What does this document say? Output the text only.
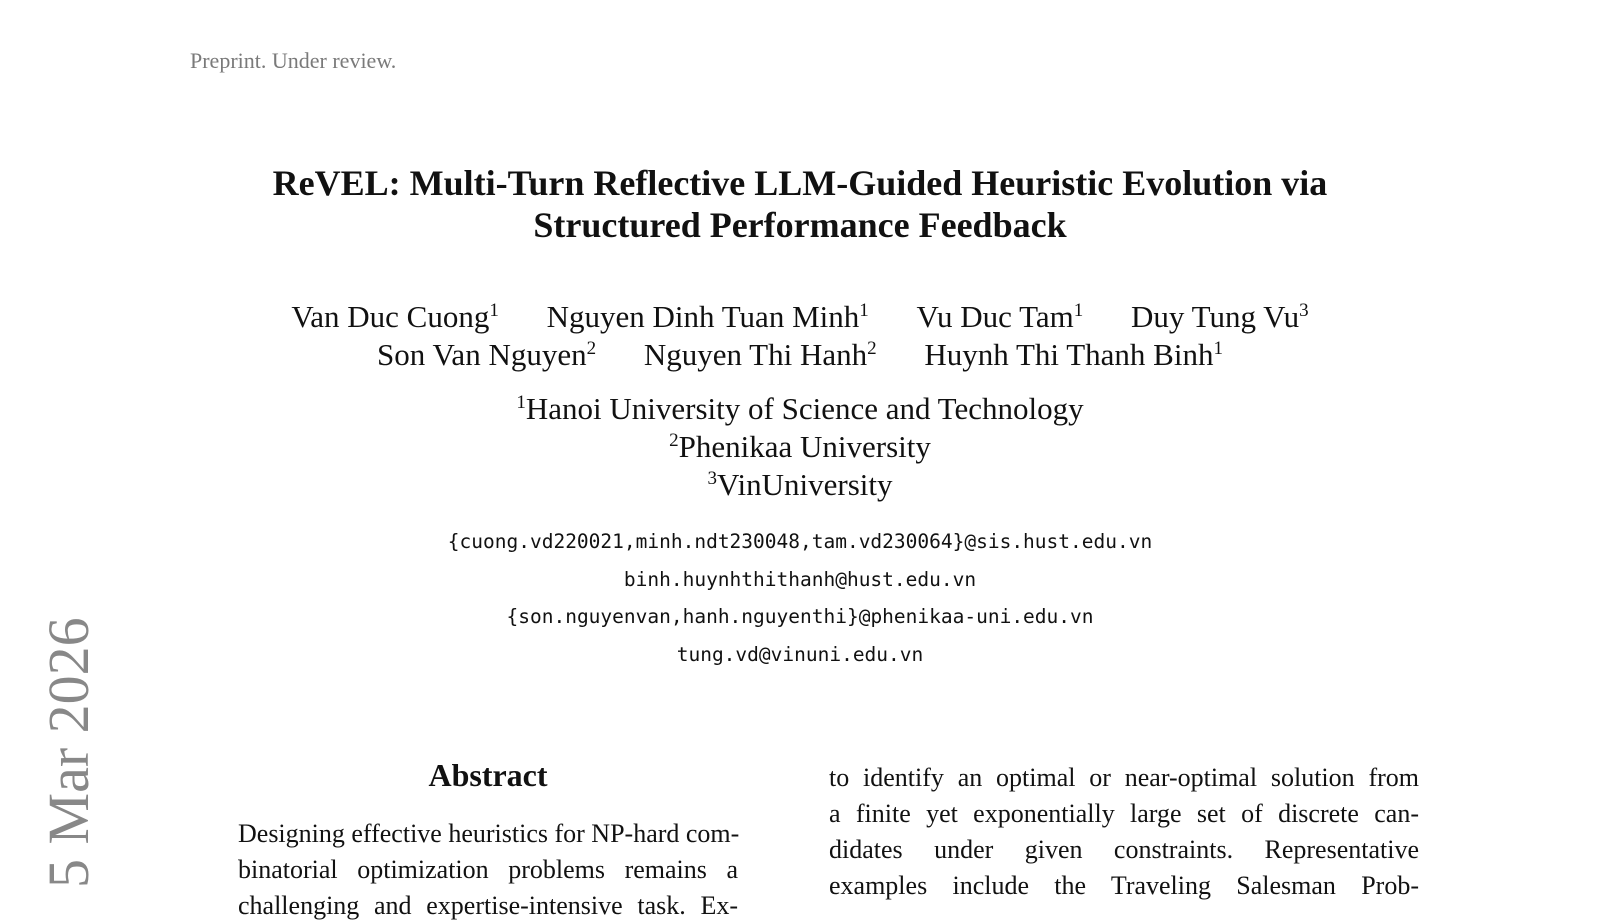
Preprint. Under review.
ReVEL: Multi-Turn Reflective LLM-Guided Heuristic Evolution via
Structured Performance Feedback
Van Duc Cuong$^1$ Nguyen Dinh Tuan Minh$^1$ Vu Duc Tam$^1$ Duy Tung Vu$^3$
Son Van Nguyen$^2$ Nguyen Thi Hanh$^2$ Huynh Thi Thanh Binh$^1$
$^1$Hanoi University of Science and Technology
$^2$Phenikaa University
$^3$VinUniversity
{cuong.vd220021,minh.ndt230048,tam.vd230064}@sis.hust.edu.vn
binh.huynhthithanh@hust.edu.vn
{son.nguyenvan,hanh.nguyenthi}@phenikaa-uni.edu.vn
tung.vd@vinuni.edu.vn
5 Mar 2026	Abstract
Designing effective heuristics for NP-hard com-
binatorial optimization problems remains a
challenging and expertise-intensive task. Ex-
to identify an optimal or near-optimal solution from
a finite yet exponentially large set of discrete can-
didates under given constraints. Representative
examples include the Traveling Salesman Prob-
